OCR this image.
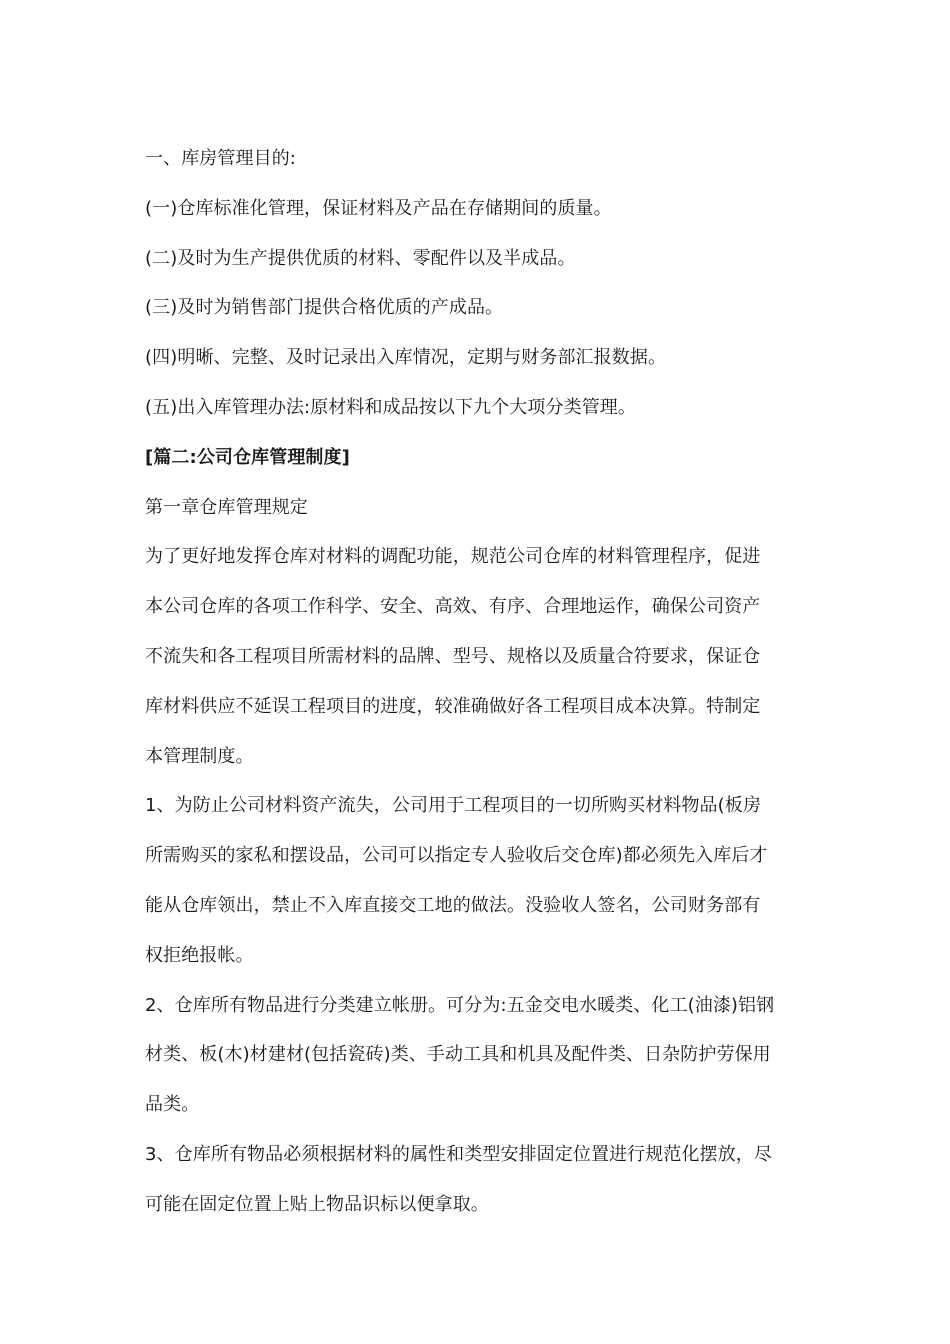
一、库房管理目的:
(一)仓库标准化管理，保证材料及产品在存储期间的质量。
(二)及时为生产提供优质的材料、零配件以及半成品。
(三)及时为销售部门提供合格优质的产成品。
(四)明晰、完整、及时记录出入库情况，定期与财务部汇报数据。
(五)出入库管理办法:原材料和成品按以下九个大项分类管理。
[篇二:公司仓库管理制度]
第一章仓库管理规定
为了更好地发挥仓库对材料的调配功能，规范公司仓库的材料管理程序，促进
本公司仓库的各项工作科学、安全、高效、有序、合理地运作，确保公司资产
不流失和各工程项目所需材料的品牌、型号、规格以及质量合符要求，保证仓
库材料供应不延误工程项目的进度，较准确做好各工程项目成本决算。特制定
本管理制度。
1、为防止公司材料资产流失，公司用于工程项目的一切所购买材料物品(板房
所需购买的家私和摆设品，公司可以指定专人验收后交仓库)都必须先入库后才
能从仓库领出，禁止不入库直接交工地的做法。没验收人签名，公司财务部有
权拒绝报帐。
2、仓库所有物品进行分类建立帐册。可分为:五金交电水暖类、化工(油漆)铝钢
材类、板(木)材建材(包括瓷砖)类、手动工具和机具及配件类、日杂防护劳保用
品类。
3、仓库所有物品必须根据材料的属性和类型安排固定位置进行规范化摆放，尽
可能在固定位置上贴上物品识标以便拿取。
